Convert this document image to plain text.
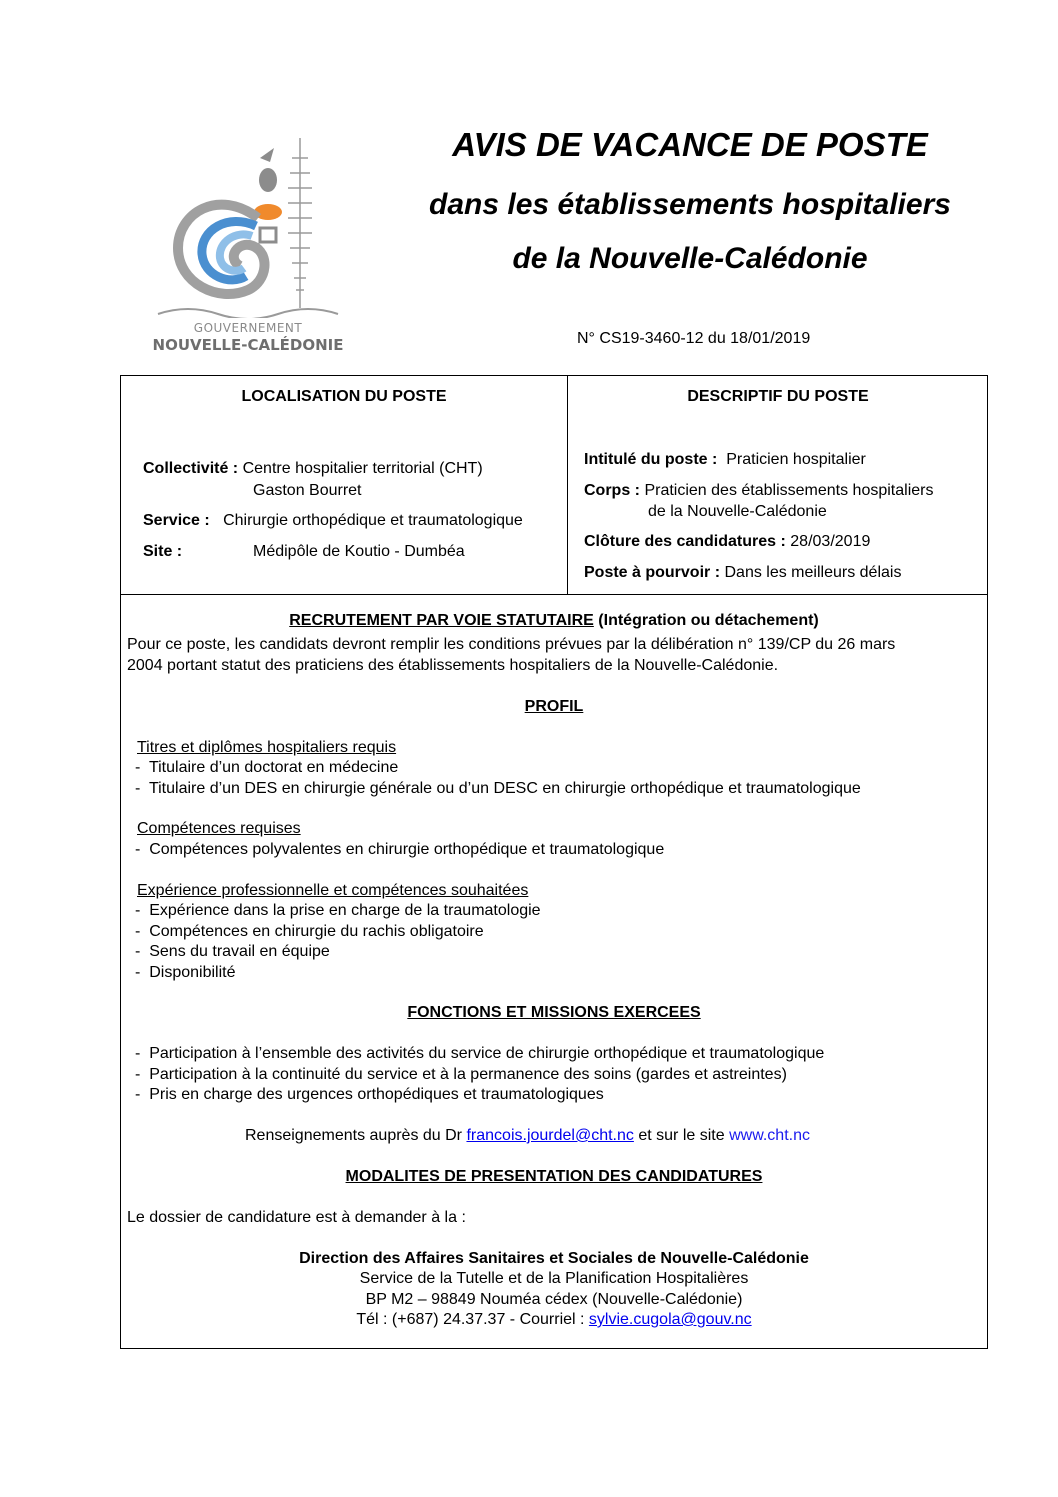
GOUVERNEMENT
NOUVELLE-CALÉDONIE
AVIS DE VACANCE DE POSTE
dans les établissements hospitaliers
de la Nouvelle-Calédonie
N° CS19-3460-12 du 18/01/2019
LOCALISATION DU POSTE
Collectivité : Centre hospitalier territorial (CHT)
Gaston Bourret
Service : Chirurgie orthopédique et traumatologique
Site :	Médipôle de Koutio - Dumbéa
DESCRIPTIF DU POSTE
Intitulé du poste : Praticien hospitalier
Corps : Praticien des établissements hospitaliers
de la Nouvelle-Calédonie
Clôture des candidatures : 28/03/2019
Poste à pourvoir : Dans les meilleurs délais
RECRUTEMENT PAR VOIE STATUTAIRE (Intégration ou détachement)
Pour ce poste, les candidats devront remplir les conditions prévues par la délibération n° 139/CP du 26 mars
2004 portant statut des praticiens des établissements hospitaliers de la Nouvelle-Calédonie.
PROFIL
Titres et diplômes hospitaliers requis
-  Titulaire d’un doctorat en médecine
-  Titulaire d’un DES en chirurgie générale ou d’un DESC en chirurgie orthopédique et traumatologique
Compétences requises
-  Compétences polyvalentes en chirurgie orthopédique et traumatologique
Expérience professionnelle et compétences souhaitées
-  Expérience dans la prise en charge de la traumatologie
-  Compétences en chirurgie du rachis obligatoire
-  Sens du travail en équipe
-  Disponibilité
FONCTIONS ET MISSIONS EXERCEES
-  Participation à l’ensemble des activités du service de chirurgie orthopédique et traumatologique
-  Participation à la continuité du service et à la permanence des soins (gardes et astreintes)
-  Pris en charge des urgences orthopédiques et traumatologiques
Renseignements auprès du Dr francois.jourdel@cht.nc et sur le site www.cht.nc
MODALITES DE PRESENTATION DES CANDIDATURES
Le dossier de candidature est à demander à la :
Direction des Affaires Sanitaires et Sociales de Nouvelle-Calédonie
Service de la Tutelle et de la Planification Hospitalières
BP M2 – 98849 Nouméa cédex (Nouvelle-Calédonie)
Tél : (+687) 24.37.37 - Courriel : sylvie.cugola@gouv.nc
